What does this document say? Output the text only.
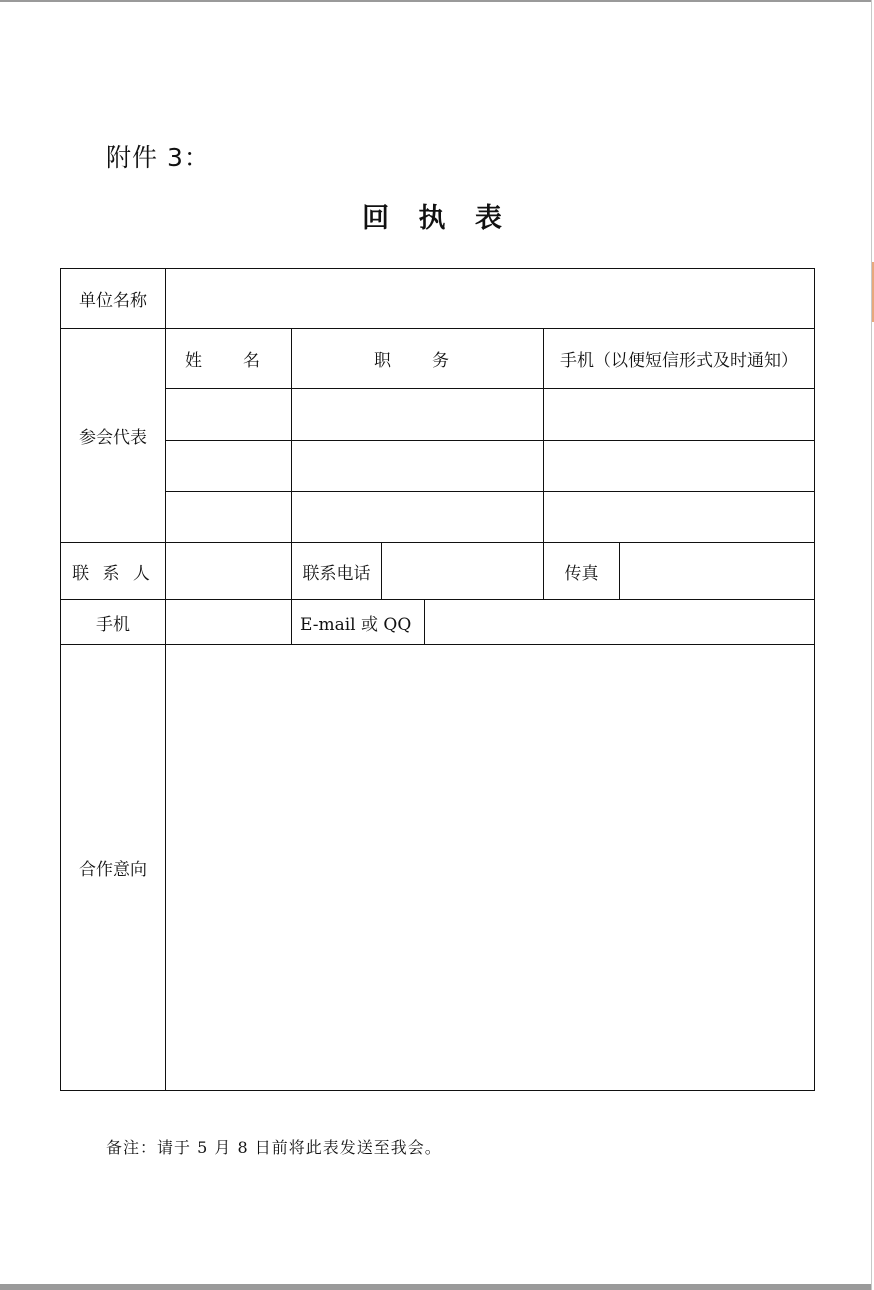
附件 3：
回 执 表
单位名称						
参会代表	姓　名	职　务			手机（以便短信形式及时通知）	

联 系 人		联系电话			传真	
手机		E-mail 或 QQ				
合作意向						
备注：请于 5 月 8 日前将此表发送至我会。
